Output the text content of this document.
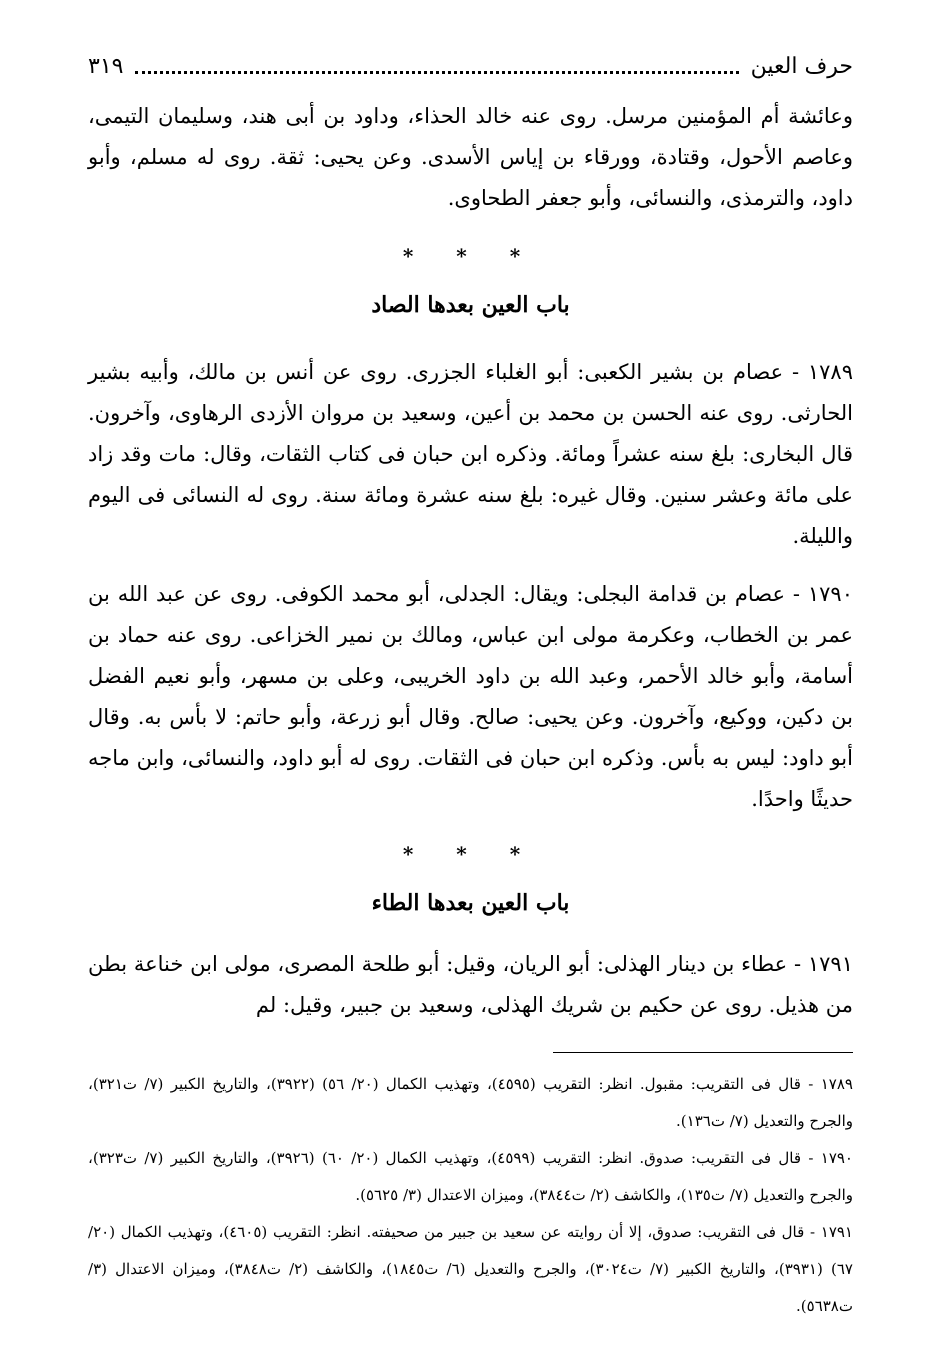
حرف العين
٣١٩

وعائشة أم المؤمنين مرسل. روى عنه خالد الحذاء، وداود بن أبى هند، وسليمان التيمى، وعاصم الأحول، وقتادة، وورقاء بن إياس الأسدى. وعن يحيى: ثقة. روى له مسلم، وأبو داود، والترمذى، والنسائى، وأبو جعفر الطحاوى.

* * *
باب العين بعدها الصاد

١٧٨٩ - عصام بن بشير الكعبى: أبو الغلباء الجزرى. روى عن أنس بن مالك، وأبيه بشير الحارثى. روى عنه الحسن بن محمد بن أعين، وسعيد بن مروان الأزدى الرهاوى، وآخرون. قال البخارى: بلغ سنه عشراً ومائة. وذكره ابن حبان فى كتاب الثقات، وقال: مات وقد زاد على مائة وعشر سنين. وقال غيره: بلغ سنه عشرة ومائة سنة. روى له النسائى فى اليوم والليلة.

١٧٩٠ - عصام بن قدامة البجلى: ويقال: الجدلى، أبو محمد الكوفى. روى عن عبد الله بن عمر بن الخطاب، وعكرمة مولى ابن عباس، ومالك بن نمير الخزاعى. روى عنه حماد بن أسامة، وأبو خالد الأحمر، وعبد الله بن داود الخريبى، وعلى بن مسهر، وأبو نعيم الفضل بن دكين، ووكيع، وآخرون. وعن يحيى: صالح. وقال أبو زرعة، وأبو حاتم: لا بأس به. وقال أبو داود: ليس به بأس. وذكره ابن حبان فى الثقات. روى له أبو داود، والنسائى، وابن ماجه حديثًا واحدًا.

* * *
باب العين بعدها الطاء

١٧٩١ - عطاء بن دينار الهذلى: أبو الريان، وقيل: أبو طلحة المصرى، مولى ابن خناعة بطن من هذيل. روى عن حكيم بن شريك الهذلى، وسعيد بن جبير، وقيل: لم

١٧٨٩ - قال فى التقريب: مقبول. انظر: التقريب (٤٥٩٥)، وتهذيب الكمال (٢٠/ ٥٦) (٣٩٢٢)، والتاريخ الكبير (٧/ ت٣٢١)، والجرح والتعديل (٧/ ت١٣٦).

١٧٩٠ - قال فى التقريب: صدوق. انظر: التقريب (٤٥٩٩)، وتهذيب الكمال (٢٠/ ٦٠) (٣٩٢٦)، والتاريخ الكبير (٧/ ت٣٢٣)، والجرح والتعديل (٧/ ت١٣٥)، والكاشف (٢/ ت٣٨٤٤)، وميزان الاعتدال (٣/ ٥٦٢٥).

١٧٩١ - قال فى التقريب: صدوق، إلا أن روايته عن سعيد بن جبير من صحيفته. انظر: التقريب (٤٦٠٥)، وتهذيب الكمال (٢٠/ ٦٧) (٣٩٣١)، والتاريخ الكبير (٧/ ت٣٠٢٤)، والجرح والتعديل (٦/ ت١٨٤٥)، والكاشف (٢/ ت٣٨٤٨)، وميزان الاعتدال (٣/ ت٥٦٣٨).
